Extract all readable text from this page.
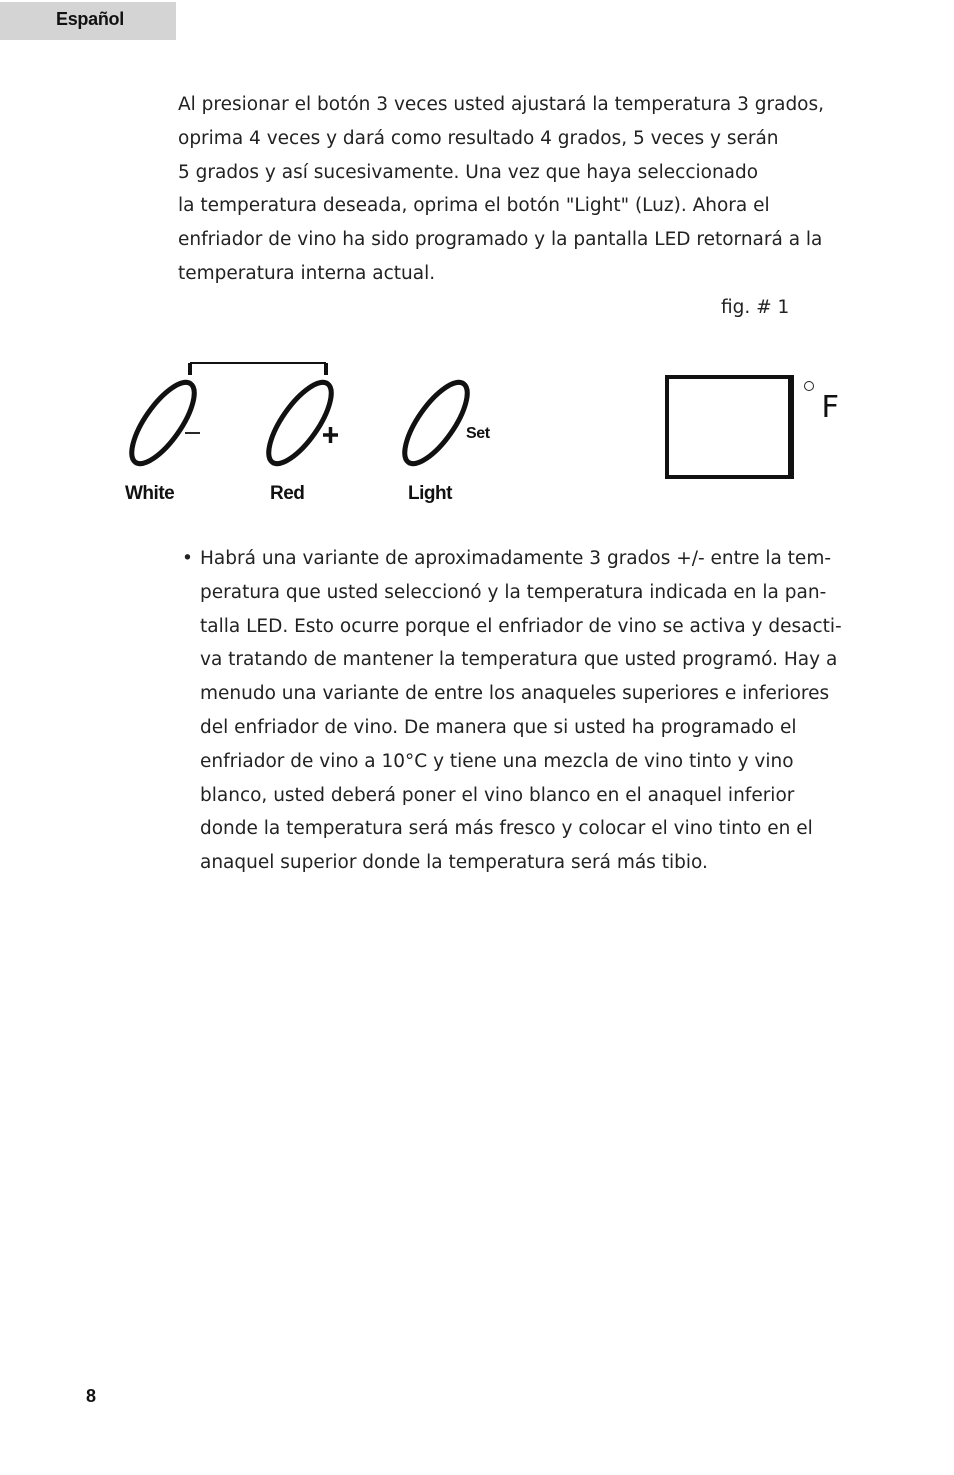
Español

Al presionar el botón 3 veces usted ajustará la temperatura 3 grados,
oprima 4 veces y dará como resultado 4 grados, 5 veces y serán
5 grados y así sucesivamente. Una vez que haya seleccionado
la temperatura deseada, oprima el botón "Light" (Luz). Ahora el
enfriador de vino ha sido programado y la pantalla LED retornará a la
temperatura interna actual.

fig. # 1
Set
White	Red	Light
F
• Habrá una variante de aproximadamente 3 grados +/- entre la tem-
peratura que usted seleccionó y la temperatura indicada en la pan-
talla LED. Esto ocurre porque el enfriador de vino se activa y desacti-
va tratando de mantener la temperatura que usted programó. Hay a
menudo una variante de entre los anaqueles superiores e inferiores
del enfriador de vino. De manera que si usted ha programado el
enfriador de vino a 10°C y tiene una mezcla de vino tinto y vino
blanco, usted deberá poner el vino blanco en el anaquel inferior
donde la temperatura será más fresco y colocar el vino tinto en el
anaquel superior donde la temperatura será más tibio.

8
